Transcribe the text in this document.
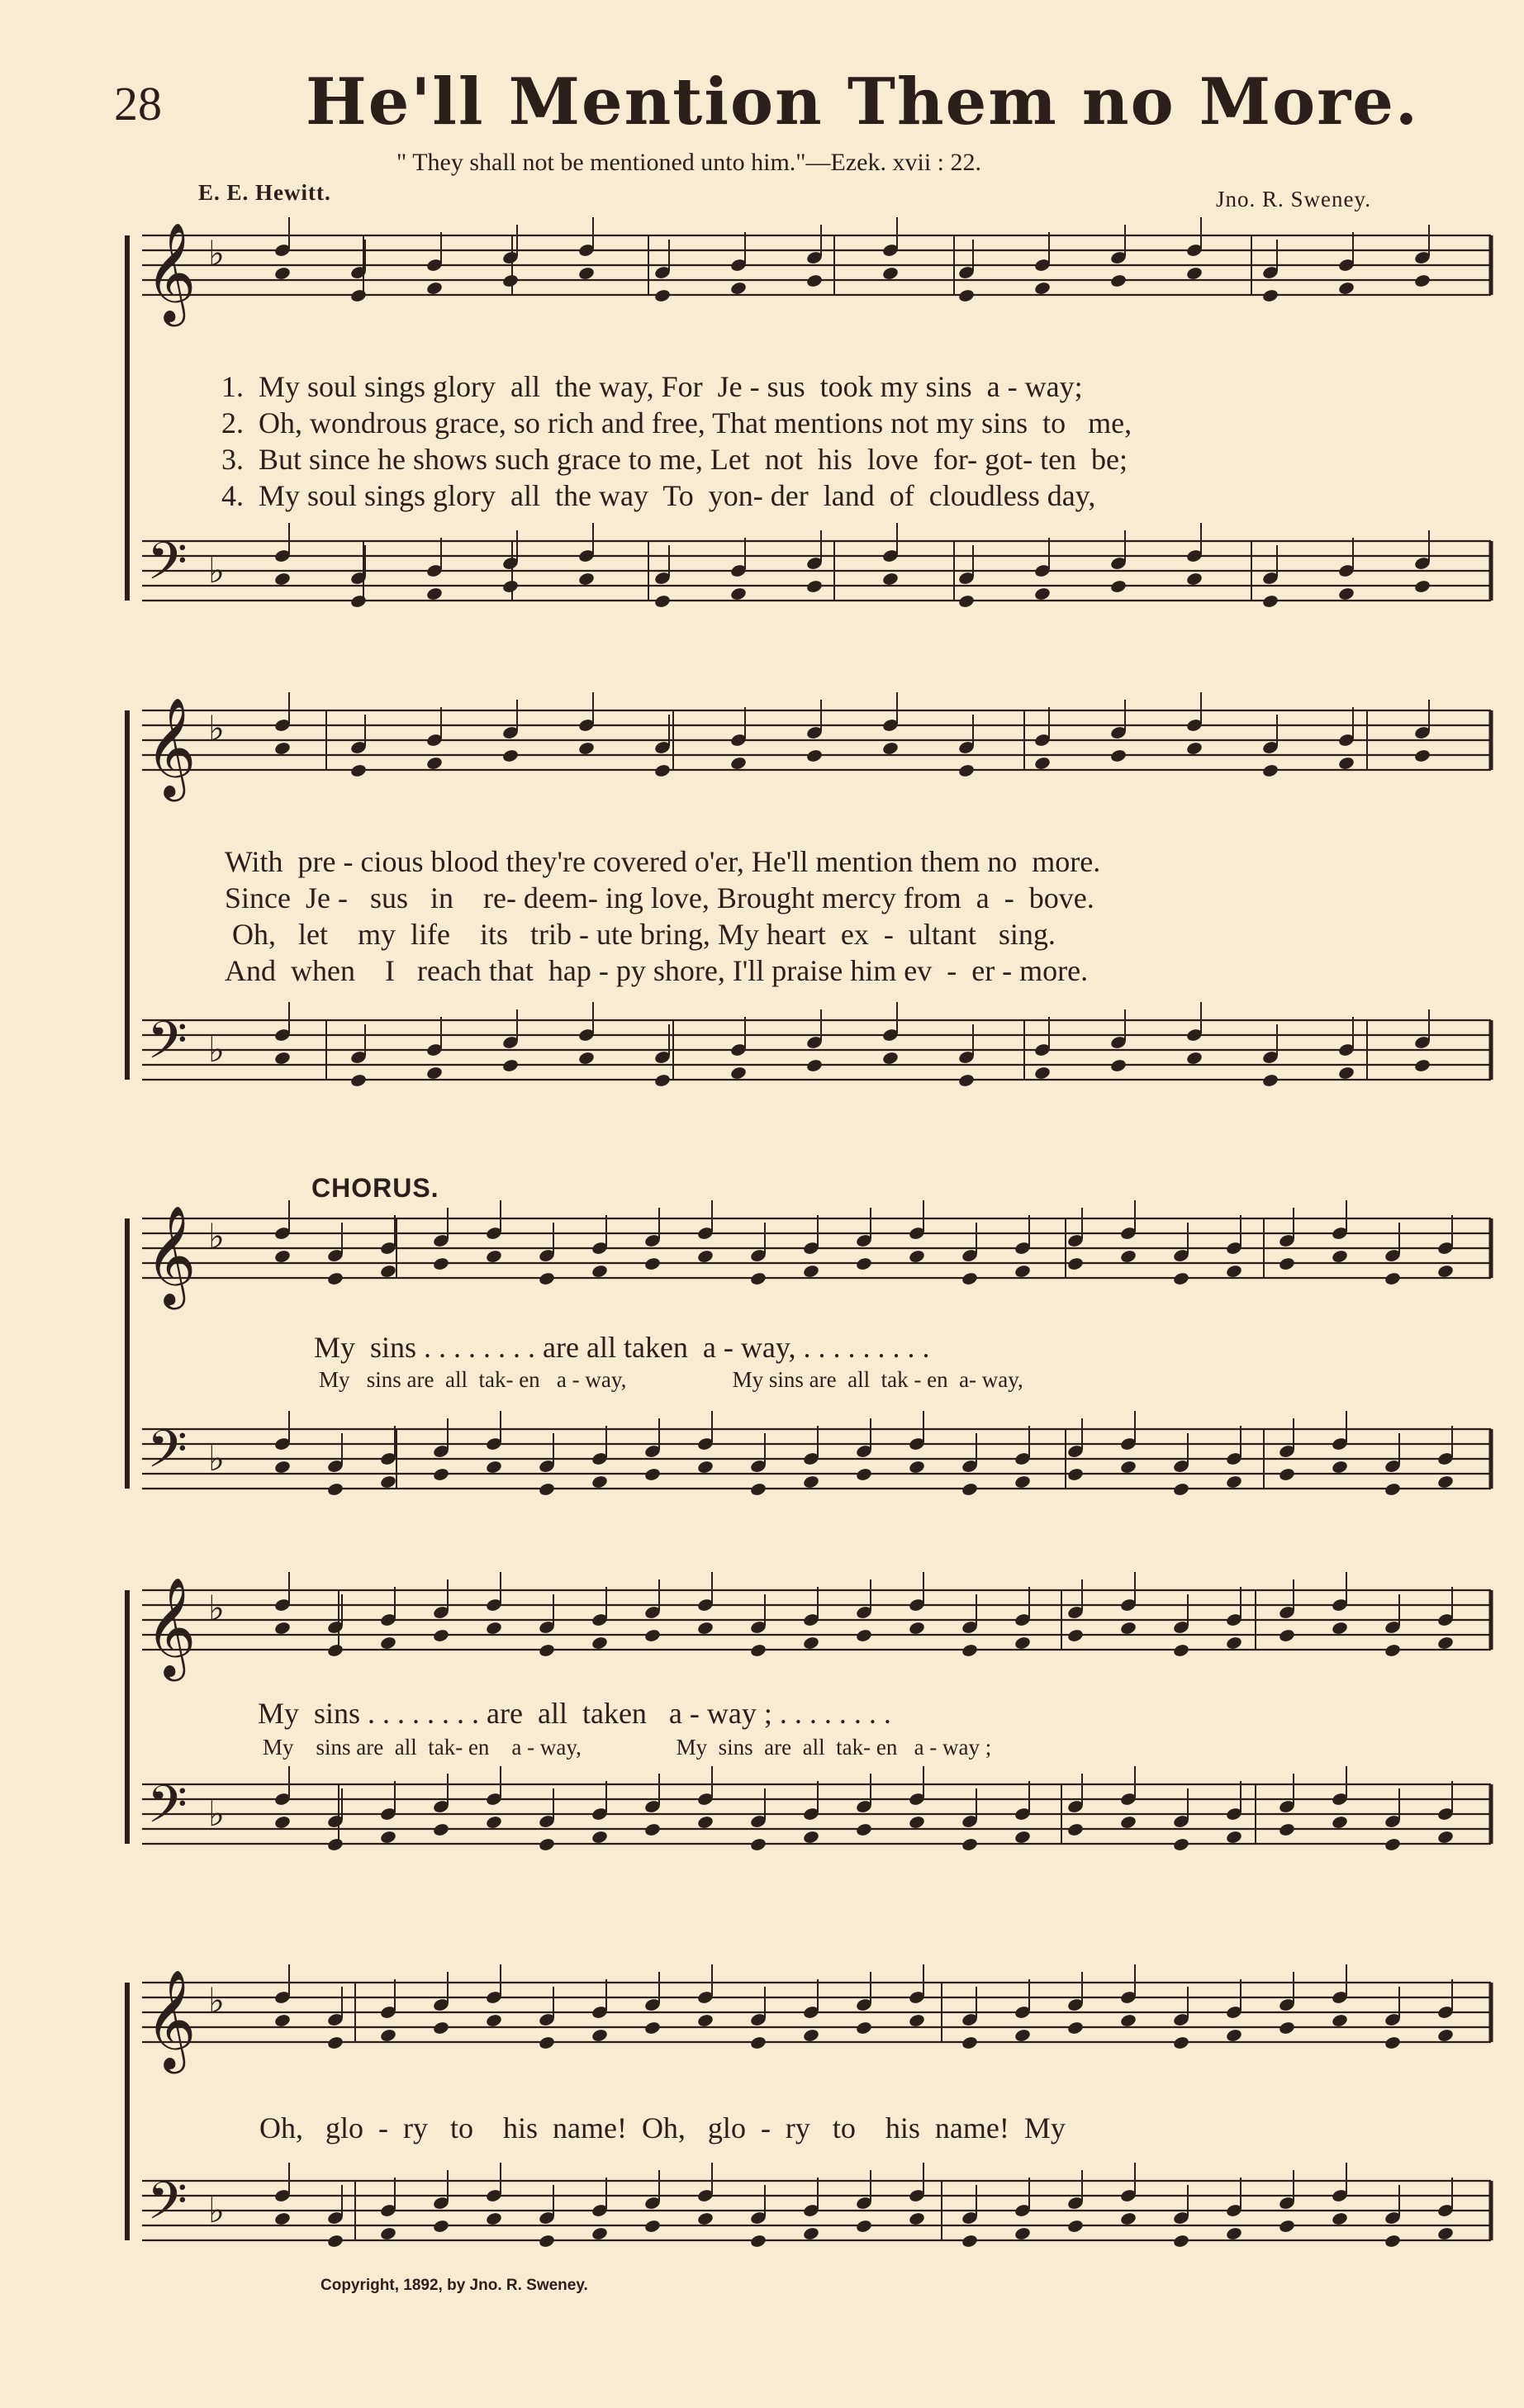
28 He'll Mention Them no More.
" They shall not be mentioned unto him."—Ezek. xvii : 22.
E. E. Hewitt.	Jno. R. Sweney.
𝄞
𝄢
♭
♭
𝄞
𝄢
♭
♭
𝄞
𝄢
♭
♭
𝄞
𝄢
♭
♭
𝄞
𝄢
♭
♭
1.  My soul sings glory  all  the way, For  Je - sus  took my sins  a - way;
2.  Oh, wondrous grace, so rich and free, That mentions not my sins  to   me,
3.  But since he shows such grace to me, Let  not  his  love  for- got- ten  be;
4.  My soul sings glory  all  the way  To  yon- der  land  of  cloudless day,
With  pre - cious blood they're covered o'er, He'll mention them no  more.
Since  Je -   sus   in    re- deem- ing love, Brought mercy from  a  -  bove.
Oh,   let    my  life    its   trib - ute bring, My heart  ex  -  ultant   sing.
And  when    I   reach that  hap - py shore, I'll praise him ev  -  er - more.
CHORUS.
My  sins . . . . . . . . are all taken  a - way, . . . . . . . . .
My   sins are  all  tak- en   a - way,                   My sins are  all  tak - en  a- way,
My  sins . . . . . . . . are  all  taken   a - way ; . . . . . . . .
My    sins are  all  tak- en    a - way,                 My  sins  are  all  tak- en   a - way ;
Oh,   glo  -  ry   to    his  name!  Oh,   glo  -  ry   to    his  name!  My
Copyright, 1892, by Jno. R. Sweney.
